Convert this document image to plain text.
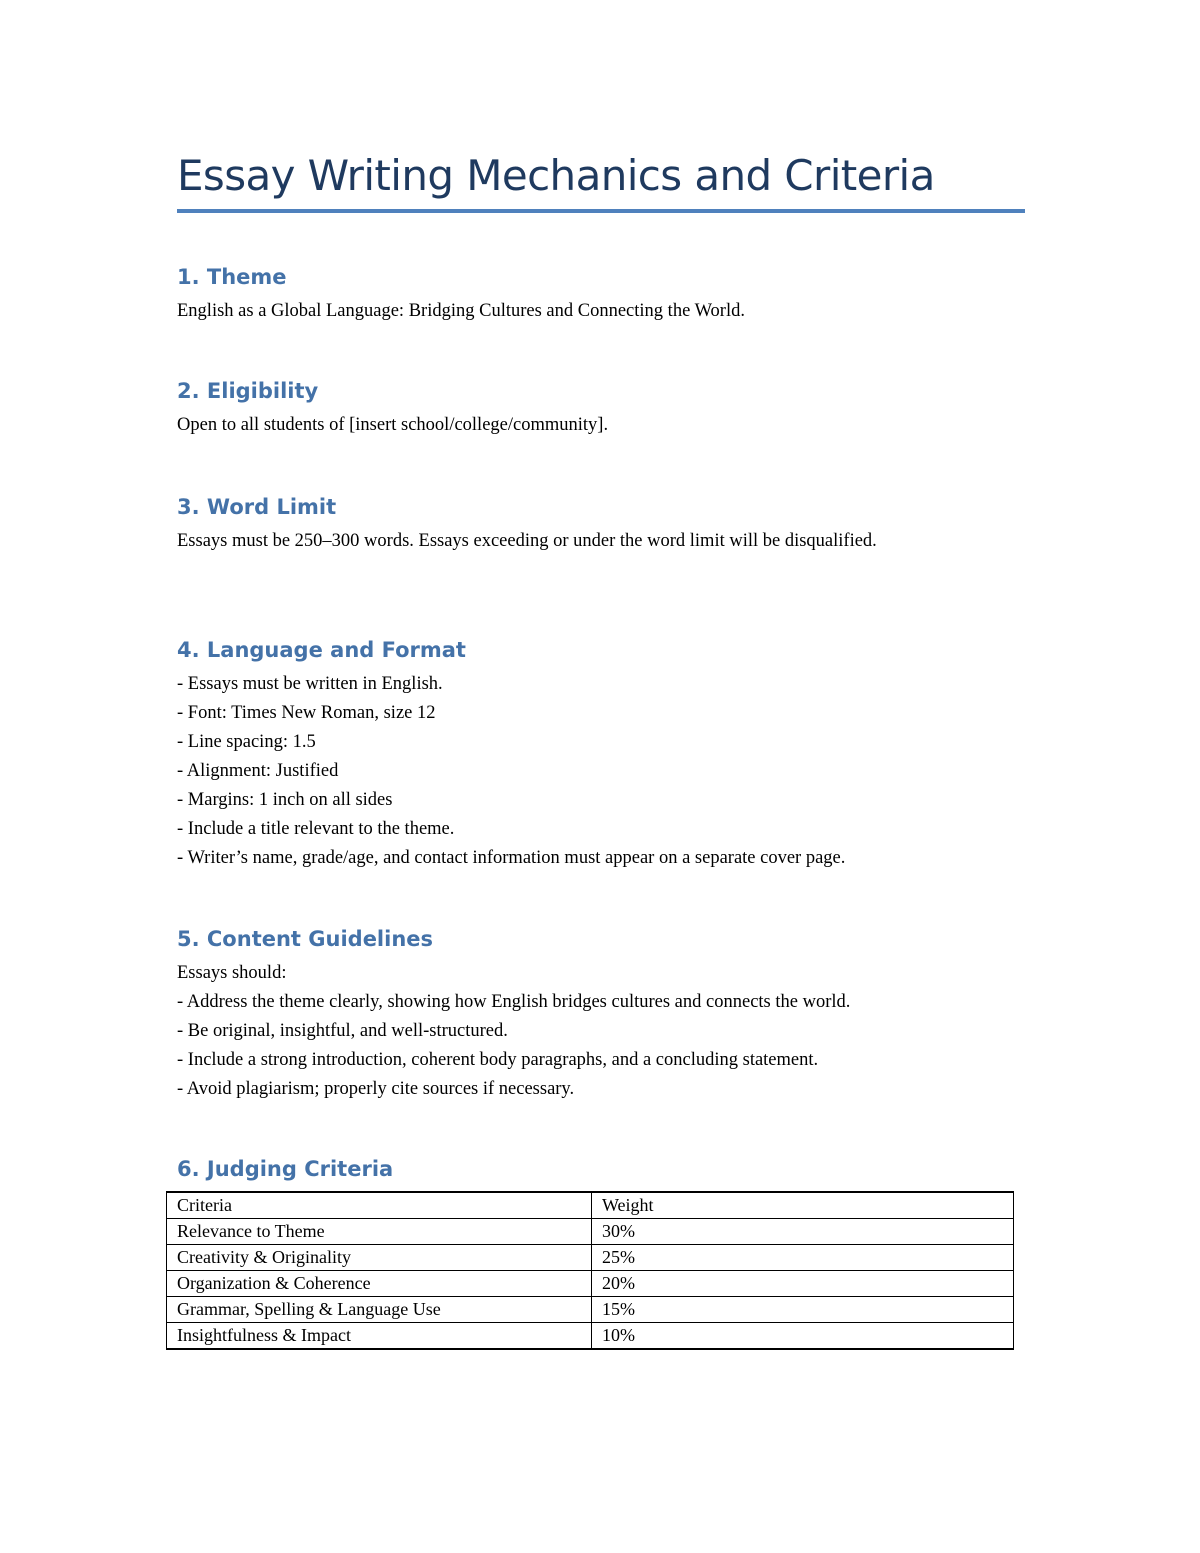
Essay Writing Mechanics and Criteria
1. Theme

English as a Global Language: Bridging Cultures and Connecting the World.

2. Eligibility

Open to all students of [insert school/college/community].

3. Word Limit

Essays must be 250–300 words. Essays exceeding or under the word limit will be disqualified.

4. Language and Format

- Essays must be written in English.

- Font: Times New Roman, size 12

- Line spacing: 1.5

- Alignment: Justified

- Margins: 1 inch on all sides

- Include a title relevant to the theme.

- Writer’s name, grade/age, and contact information must appear on a separate cover page.

5. Content Guidelines

Essays should:

- Address the theme clearly, showing how English bridges cultures and connects the world.

- Be original, insightful, and well-structured.

- Include a strong introduction, coherent body paragraphs, and a concluding statement.

- Avoid plagiarism; properly cite sources if necessary.

6. Judging Criteria
Criteria	Weight
Relevance to Theme	30%
Creativity & Originality	25%
Organization & Coherence	20%
Grammar, Spelling & Language Use	15%
Insightfulness & Impact	10%
